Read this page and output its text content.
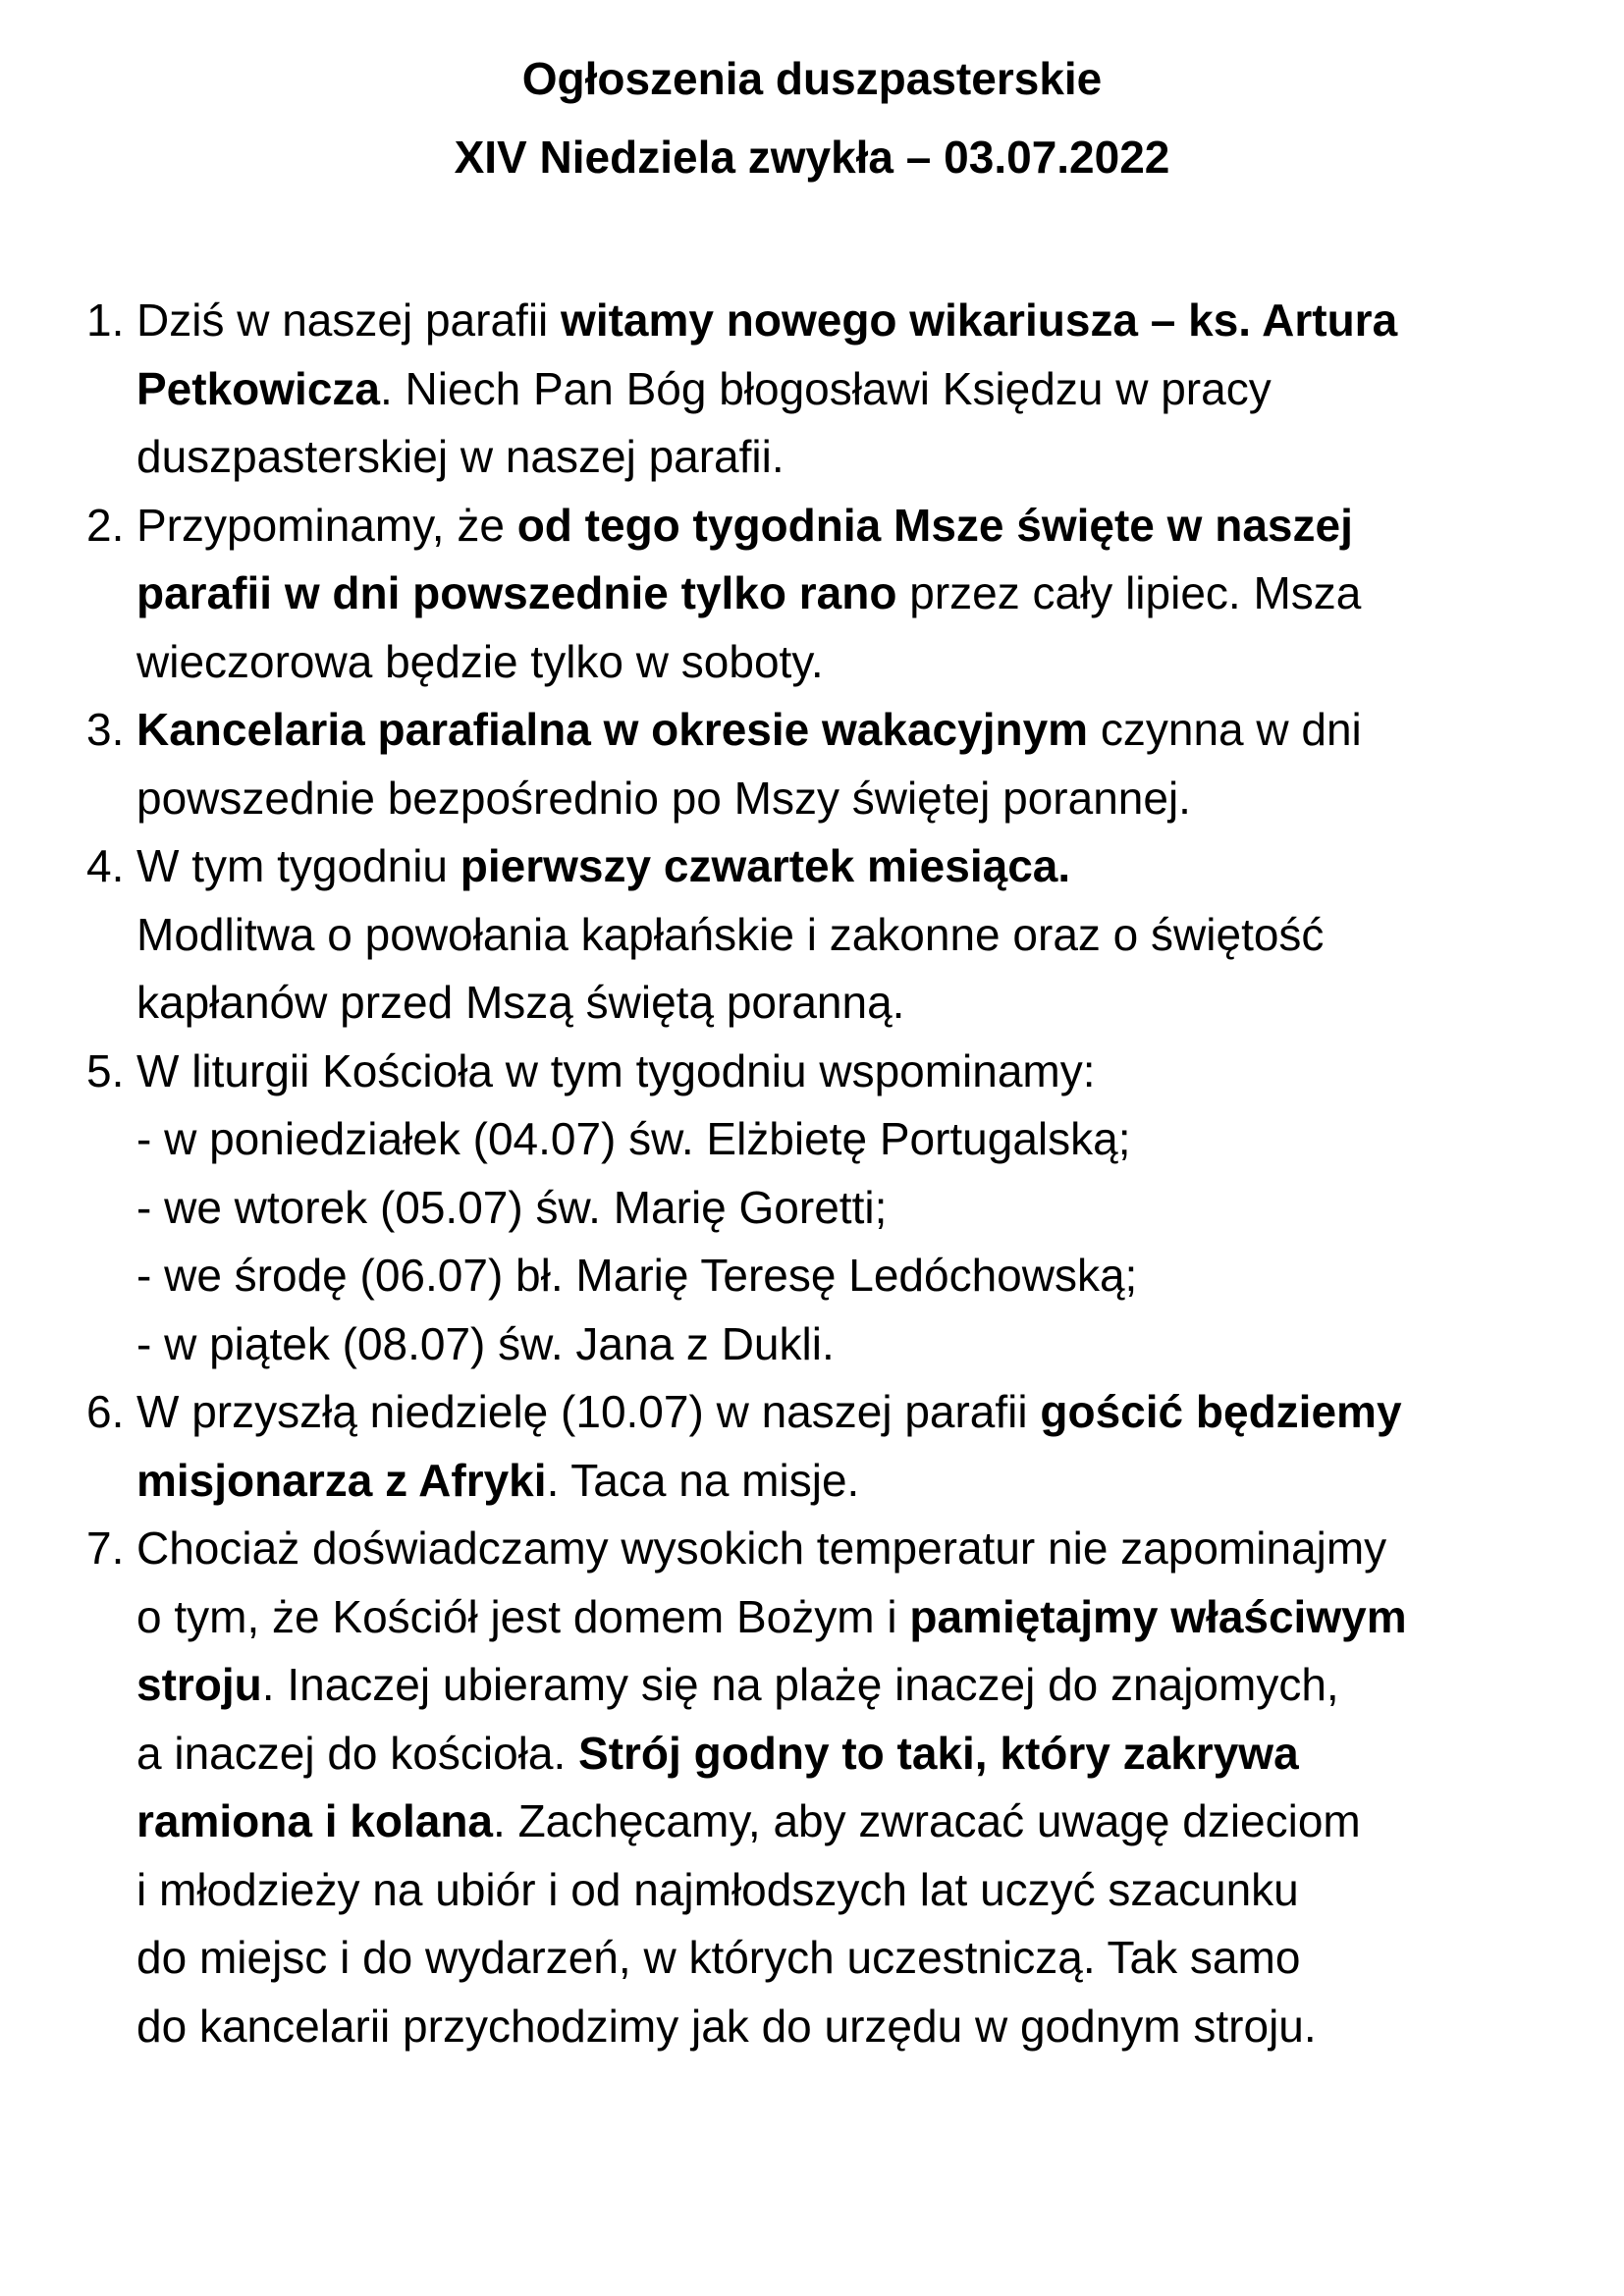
Ogłoszenia duszpasterskie
XIV Niedziela zwykła – 03.07.2022
1. Dziś w naszej parafii witamy nowego wikariusza – ks. Artura
Petkowicza. Niech Pan Bóg błogosławi Księdzu w pracy
duszpasterskiej w naszej parafii.
2. Przypominamy, że od tego tygodnia Msze święte w naszej
parafii w dni powszednie tylko rano przez cały lipiec. Msza
wieczorowa będzie tylko w soboty.
3. Kancelaria parafialna w okresie wakacyjnym czynna w dni
powszednie bezpośrednio po Mszy świętej porannej.
4. W tym tygodniu pierwszy czwartek miesiąca.
Modlitwa o powołania kapłańskie i zakonne oraz o świętość
kapłanów przed Mszą świętą poranną.
5. W liturgii Kościoła w tym tygodniu wspominamy:
- w poniedziałek (04.07) św. Elżbietę Portugalską;
- we wtorek (05.07) św. Marię Goretti;
- we środę (06.07) bł. Marię Teresę Ledóchowską;
- w piątek (08.07) św. Jana z Dukli.
6. W przyszłą niedzielę (10.07) w naszej parafii gościć będziemy
misjonarza z Afryki. Taca na misje.
7. Chociaż doświadczamy wysokich temperatur nie zapominajmy
o tym, że Kościół jest domem Bożym i pamiętajmy właściwym
stroju. Inaczej ubieramy się na plażę inaczej do znajomych,
a inaczej do kościoła. Strój godny to taki, który zakrywa
ramiona i kolana. Zachęcamy, aby zwracać uwagę dzieciom
i młodzieży na ubiór i od najmłodszych lat uczyć szacunku
do miejsc i do wydarzeń, w których uczestniczą. Tak samo
do kancelarii przychodzimy jak do urzędu w godnym stroju.
